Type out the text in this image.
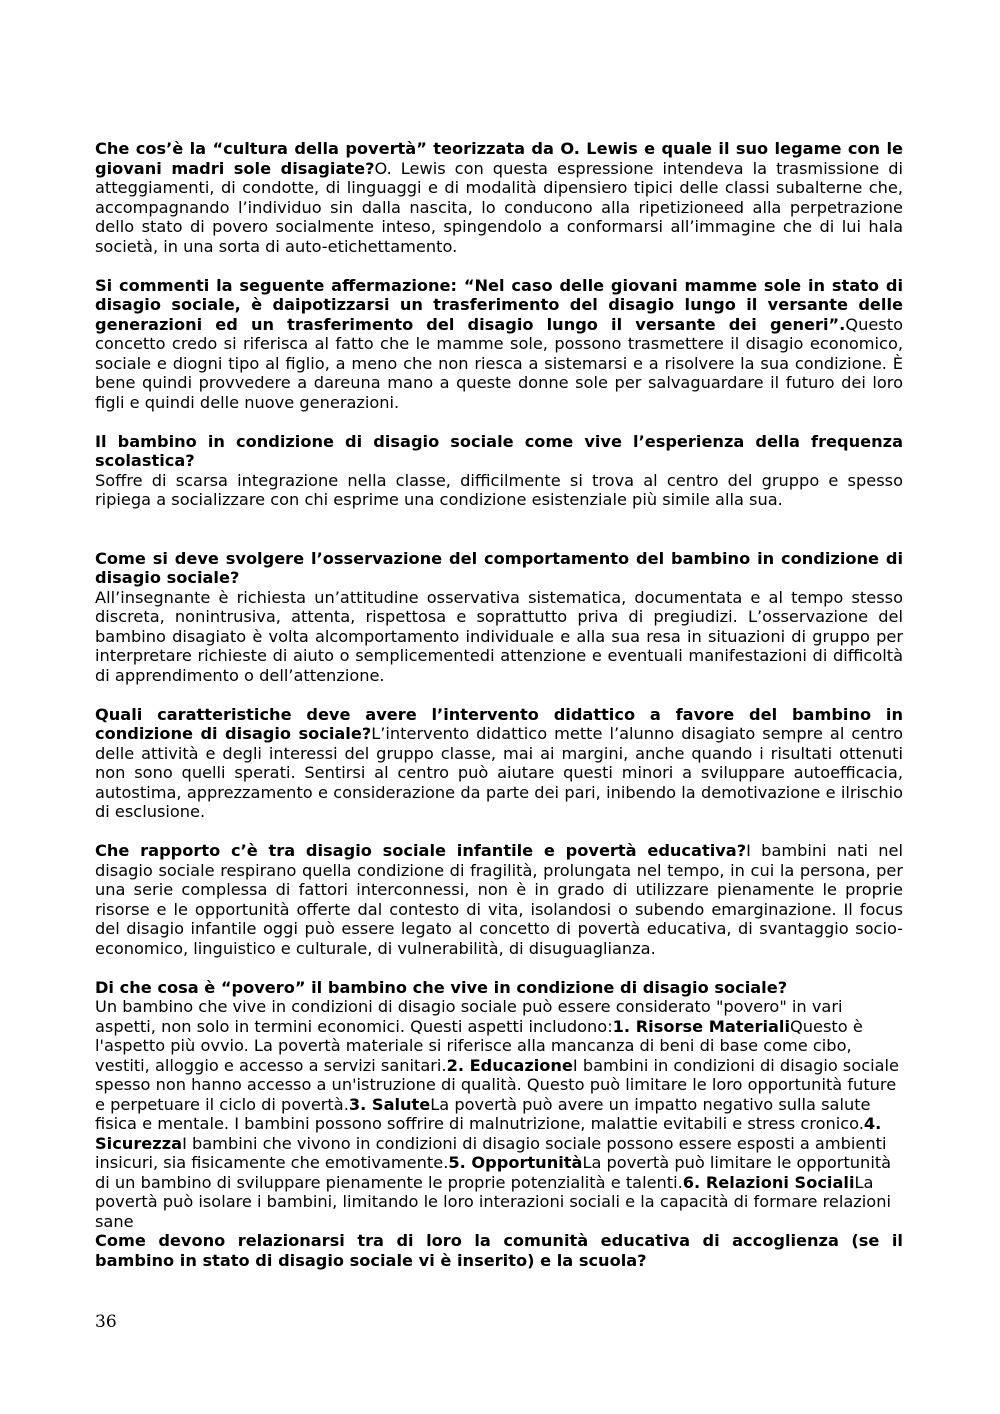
Che cos’è la “cultura della povertà” teorizzata da O. Lewis e quale il suo legame con le giovani madri sole disagiate?O. Lewis con questa espressione intendeva la trasmissione di atteggiamenti, di condotte, di linguaggi e di modalità dipensiero tipici delle classi subalterne che, accompagnando l’individuo sin dalla nascita, lo conducono alla ripetizioneed alla perpetrazione dello stato di povero socialmente inteso, spingendolo a conformarsi all’immagine che di lui hala società, in una sorta di auto-etichettamento.

Si commenti la seguente affermazione: “Nel caso delle giovani mamme sole in stato di disagio sociale, è daipotizzarsi un trasferimento del disagio lungo il versante delle generazioni ed un trasferimento del disagio lungo il versante dei generi”.Questo concetto credo si riferisca al fatto che le mamme sole, possono trasmettere il disagio economico, sociale e diogni tipo al figlio, a meno che non riesca a sistemarsi e a risolvere la sua condizione. È bene quindi provvedere a dareuna mano a queste donne sole per salvaguardare il futuro dei loro figli e quindi delle nuove generazioni.

Il bambino in condizione di disagio sociale come vive l’esperienza della frequenza scolastica?
Soffre di scarsa integrazione nella classe, difficilmente si trova al centro del gruppo e spesso ripiega a socializzare con chi esprime una condizione esistenziale più simile alla sua.

Come si deve svolgere l’osservazione del comportamento del bambino in condizione di disagio sociale?
All’insegnante è richiesta un’attitudine osservativa sistematica, documentata e al tempo stesso discreta, nonintrusiva, attenta, rispettosa e soprattutto priva di pregiudizi. L’osservazione del bambino disagiato è volta alcomportamento individuale e alla sua resa in situazioni di gruppo per interpretare richieste di aiuto o semplicementedi attenzione e eventuali manifestazioni di difficoltà di apprendimento o dell’attenzione.

Quali caratteristiche deve avere l’intervento didattico a favore del bambino in condizione di disagio sociale?L’intervento didattico mette l’alunno disagiato sempre al centro delle attività e degli interessi del gruppo classe, mai ai margini, anche quando i risultati ottenuti non sono quelli sperati. Sentirsi al centro può aiutare questi minori a sviluppare autoefficacia, autostima, apprezzamento e considerazione da parte dei pari, inibendo la demotivazione e ilrischio di esclusione.

Che rapporto c’è tra disagio sociale infantile e povertà educativa?I bambini nati nel disagio sociale respirano quella condizione di fragilità, prolungata nel tempo, in cui la persona, per una serie complessa di fattori interconnessi, non è in grado di utilizzare pienamente le proprie risorse e le opportunità offerte dal contesto di vita, isolandosi o subendo emarginazione. Il focus del disagio infantile oggi può essere legato al concetto di povertà educativa, di svantaggio socio-economico, linguistico e culturale, di vulnerabilità, di disuguaglianza.

Di che cosa è “povero” il bambino che vive in condizione di disagio sociale?
Un bambino che vive in condizioni di disagio sociale può essere considerato "povero" in vari aspetti, non solo in termini economici. Questi aspetti includono:1. Risorse MaterialiQuesto è l'aspetto più ovvio. La povertà materiale si riferisce alla mancanza di beni di base come cibo, vestiti, alloggio e accesso a servizi sanitari.2. EducazioneI bambini in condizioni di disagio sociale spesso non hanno accesso a un'istruzione di qualità. Questo può limitare le loro opportunità future e perpetuare il ciclo di povertà.3. SaluteLa povertà può avere un impatto negativo sulla salute fisica e mentale. I bambini possono soffrire di malnutrizione, malattie evitabili e stress cronico.4. SicurezzaI bambini che vivono in condizioni di disagio sociale possono essere esposti a ambienti insicuri, sia fisicamente che emotivamente.5. OpportunitàLa povertà può limitare le opportunità di un bambino di sviluppare pienamente le proprie potenzialità e talenti.6. Relazioni SocialiLa povertà può isolare i bambini, limitando le loro interazioni sociali e la capacità di formare relazioni sane

Come devono relazionarsi tra di loro la comunità educativa di accoglienza (se il bambino in stato di disagio sociale vi è inserito) e la scuola?

36
